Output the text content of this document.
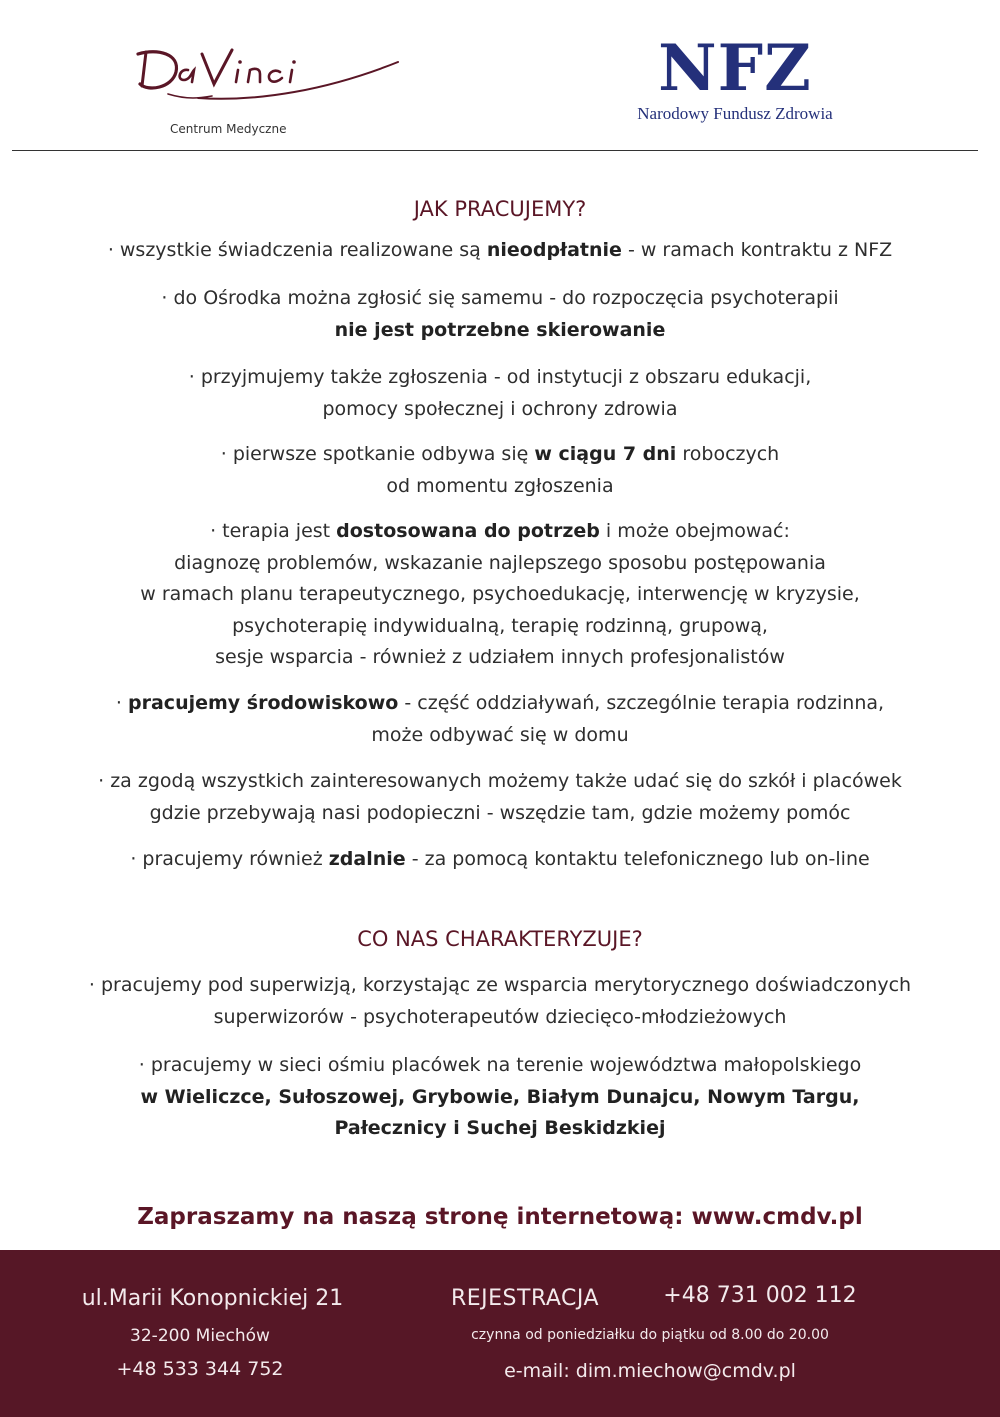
Centrum Medyczne
NFZ
Narodowy Fundusz Zdrowia
JAK PRACUJEMY?
· wszystkie świadczenia realizowane są nieodpłatnie - w ramach kontraktu z NFZ
· do Ośrodka można zgłosić się samemu - do rozpoczęcia psychoterapii
nie jest potrzebne skierowanie
· przyjmujemy także zgłoszenia - od instytucji z obszaru edukacji,
pomocy społecznej i ochrony zdrowia
· pierwsze spotkanie odbywa się w ciągu 7 dni roboczych
od momentu zgłoszenia
· terapia jest dostosowana do potrzeb i może obejmować:
diagnozę problemów, wskazanie najlepszego sposobu postępowania
w ramach planu terapeutycznego, psychoedukację, interwencję w kryzysie,
psychoterapię indywidualną, terapię rodzinną, grupową,
sesje wsparcia - również z udziałem innych profesjonalistów
· pracujemy środowiskowo - część oddziaływań, szczególnie terapia rodzinna,
może odbywać się w domu
· za zgodą wszystkich zainteresowanych możemy także udać się do szkół i placówek
gdzie przebywają nasi podopieczni - wszędzie tam, gdzie możemy pomóc
· pracujemy również zdalnie - za pomocą kontaktu telefonicznego lub on-line
CO NAS CHARAKTERYZUJE?
· pracujemy pod superwizją, korzystając ze wsparcia merytorycznego doświadczonych
superwizorów - psychoterapeutów dziecięco-młodzieżowych
· pracujemy w sieci ośmiu placówek na terenie województwa małopolskiego
w Wieliczce, Sułoszowej, Grybowie, Białym Dunajcu, Nowym Targu,
Pałecznicy i Suchej Beskidzkiej
Zapraszamy na naszą stronę internetową: www.cmdv.pl
ul.Marii Konopnickiej 21
32-200 Miechów
+48 533 344 752
REJESTRACJA	+48 731 002 112
czynna od poniedziałku do piątku od 8.00 do 20.00
e-mail: dim.miechow@cmdv.pl
